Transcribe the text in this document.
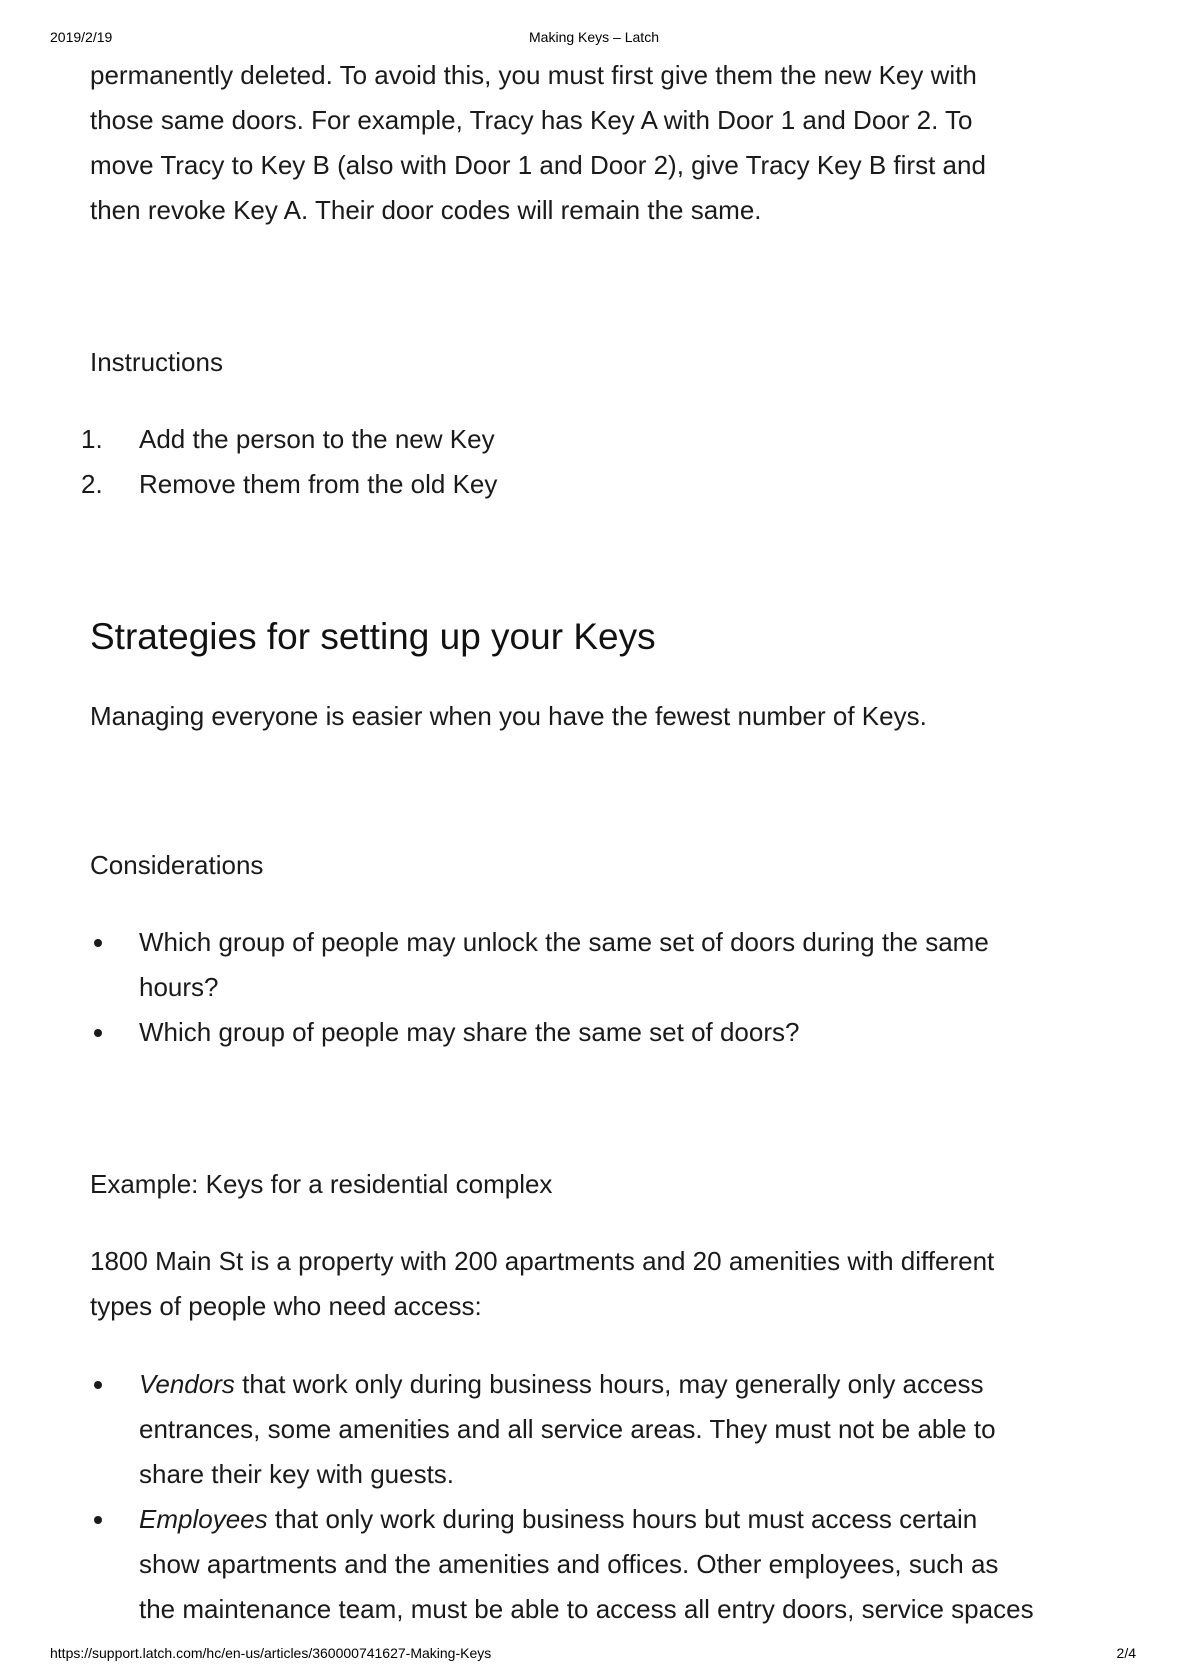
2019/2/19	Making Keys – Latch

permanently deleted. To avoid this, you must first give them the new Key with
those same doors. For example, Tracy has Key A with Door 1 and Door 2. To
move Tracy to Key B (also with Door 1 and Door 2), give Tracy Key B first and
then revoke Key A. Their door codes will remain the same.

Instructions
1.	Add the person to the new Key
2.	Remove them from the old Key
Strategies for setting up your Keys

Managing everyone is easier when you have the fewest number of Keys.

Considerations
Which group of people may unlock the same set of doors during the same
hours?
Which group of people may share the same set of doors?
Example: Keys for a residential complex

1800 Main St is a property with 200 apartments and 20 amenities with different
types of people who need access:

Vendors that work only during business hours, may generally only access
entrances, some amenities and all service areas. They must not be able to
share their key with guests.
Employees that only work during business hours but must access certain
show apartments and the amenities and offices. Other employees, such as
the maintenance team, must be able to access all entry doors, service spaces
https://support.latch.com/hc/en-us/articles/360000741627-Making-Keys	2/4
